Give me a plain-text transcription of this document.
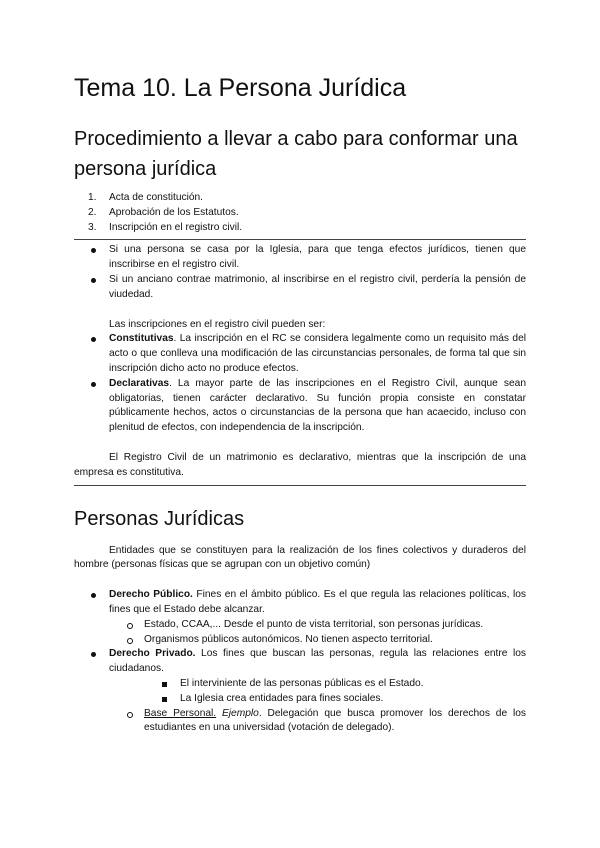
Tema 10. La Persona Jurídica
Procedimiento a llevar a cabo para conformar una persona jurídica
1. Acta de constitución.
2. Aprobación de los Estatutos.
3. Inscripción en el registro civil.
Si una persona se casa por la Iglesia, para que tenga efectos jurídicos, tienen que inscribirse en el registro civil.
Si un anciano contrae matrimonio, al inscribirse en el registro civil, perdería la pensión de viudedad.
Las inscripciones en el registro civil pueden ser:
Constitutivas. La inscripción en el RC se considera legalmente como un requisito más del acto o que conlleva una modificación de las circunstancias personales, de forma tal que sin inscripción dicho acto no produce efectos.
Declarativas. La mayor parte de las inscripciones en el Registro Civil, aunque sean obligatorias, tienen carácter declarativo. Su función propia consiste en constatar públicamente hechos, actos o circunstancias de la persona que han acaecido, incluso con plenitud de efectos, con independencia de la inscripción.
El Registro Civil de un matrimonio es declarativo, mientras que la inscripción de una empresa es constitutiva.
Personas Jurídicas
Entidades que se constituyen para la realización de los fines colectivos y duraderos del hombre (personas físicas que se agrupan con un objetivo común)
Derecho Público. Fines en el ámbito público. Es el que regula las relaciones políticas, los fines que el Estado debe alcanzar.
Estado, CCAA,... Desde el punto de vista territorial, son personas jurídicas.
Organismos públicos autonómicos. No tienen aspecto territorial.
Derecho Privado. Los fines que buscan las personas, regula las relaciones entre los ciudadanos.
El interviniente de las personas públicas es el Estado.
La Iglesia crea entidades para fines sociales.
Base Personal. Ejemplo. Delegación que busca promover los derechos de los estudiantes en una universidad (votación de delegado).
